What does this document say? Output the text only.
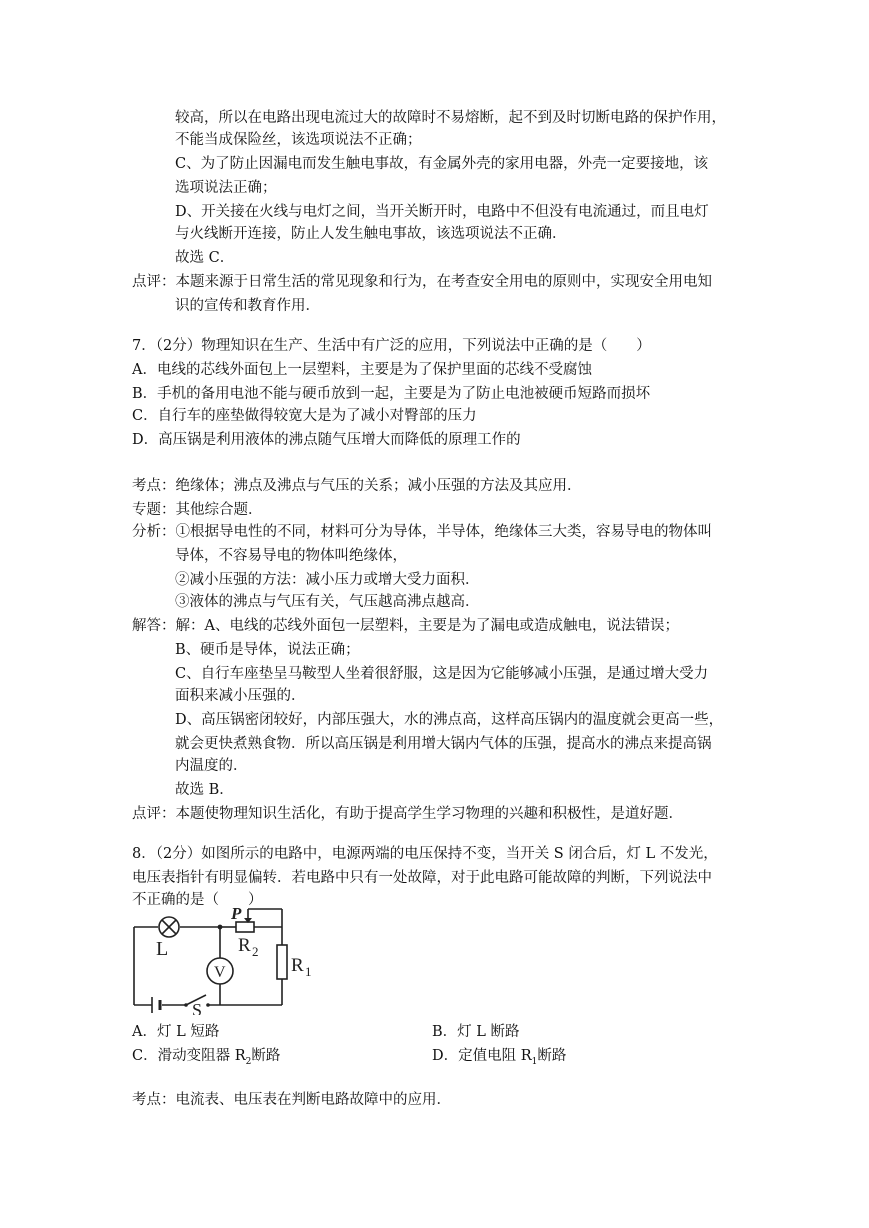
较高，所以在电路出现电流过大的故障时不易熔断，起不到及时切断电路的保护作用，
不能当成保险丝，该选项说法不正确；
C、为了防止因漏电而发生触电事故，有金属外壳的家用电器，外壳一定要接地，该
选项说法正确；
D、开关接在火线与电灯之间，当开关断开时，电路中不但没有电流通过，而且电灯
与火线断开连接，防止人发生触电事故，该选项说法不正确．
故选 C．
点评：本题来源于日常生活的常见现象和行为，在考查安全用电的原则中，实现安全用电知
识的宣传和教育作用．
7．（2分）物理知识在生产、生活中有广泛的应用，下列说法中正确的是（　　）
A．电线的芯线外面包上一层塑料，主要是为了保护里面的芯线不受腐蚀
B．手机的备用电池不能与硬币放到一起，主要是为了防止电池被硬币短路而损坏
C．自行车的座垫做得较宽大是为了减小对臀部的压力
D．高压锅是利用液体的沸点随气压增大而降低的原理工作的
考点：绝缘体；沸点及沸点与气压的关系；减小压强的方法及其应用．
专题：其他综合题．
分析：①根据导电性的不同，材料可分为导体，半导体，绝缘体三大类，容易导电的物体叫
导体，不容易导电的物体叫绝缘体，
②减小压强的方法：减小压力或增大受力面积．
③液体的沸点与气压有关，气压越高沸点越高．
解答：解：A、电线的芯线外面包一层塑料，主要是为了漏电或造成触电，说法错误；
B、硬币是导体，说法正确；
C、自行车座垫呈马鞍型人坐着很舒服，这是因为它能够减小压强，是通过增大受力
面积来减小压强的．
D、高压锅密闭较好，内部压强大，水的沸点高，这样高压锅内的温度就会更高一些，
就会更快煮熟食物．所以高压锅是利用增大锅内气体的压强，提高水的沸点来提高锅
内温度的．
故选 B．
点评：本题使物理知识生活化，有助于提高学生学习物理的兴趣和积极性，是道好题．
8．（2分）如图所示的电路中，电源两端的电压保持不变，当开关 S 闭合后，灯 L 不发光，
电压表指针有明显偏转．若电路中只有一处故障，对于此电路可能故障的判断，下列说法中
不正确的是（　　）
L
P
R 2
R 1
V
S
A．灯 L 短路	B．灯 L 断路
C．滑动变阻器 $R_2$断路	D．定值电阻 $R_1$断路
考点：电流表、电压表在判断电路故障中的应用．
